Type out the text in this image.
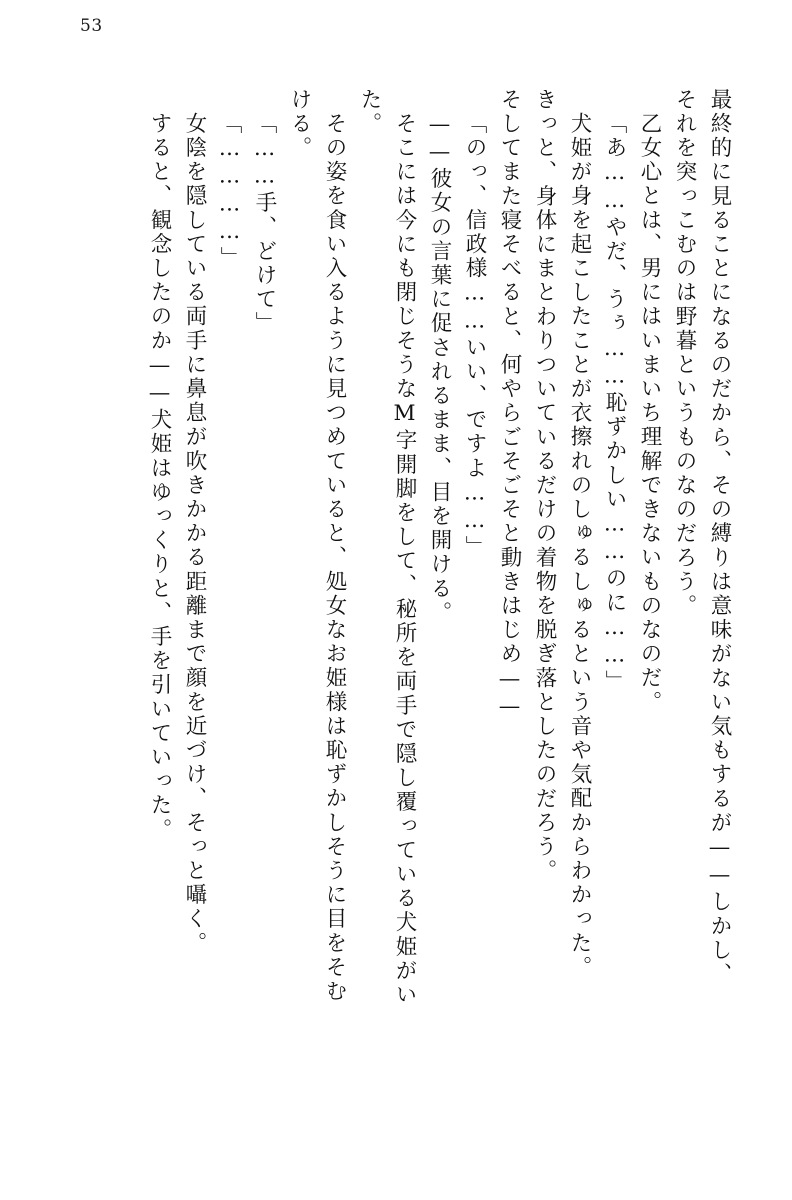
53
最終的に見ることになるのだから、その縛りは意味がない気もするが——しかし、
それを突っこむのは野暮というものなのだろう。
乙女心とは、男にはいまいち理解できないものなのだ。
「あ……やだ、うぅ……恥ずかしい……のに……」
犬姫が身を起こしたことが衣擦れのしゅるしゅるという音や気配からわかった。
きっと、身体にまとわりついているだけの着物を脱ぎ落としたのだろう。
そしてまた寝そべると、何やらごそごそと動きはじめ——
「のっ、信政様……いい、ですよ……」
——彼女の言葉に促されるまま、目を開ける。
そこには今にも閉じそうなM字開脚をして、秘所を両手で隠し覆っている犬姫がい
た。
その姿を食い入るように見つめていると、処女なお姫様は恥ずかしそうに目をそむ
ける。
「……手、どけて」
「…………」
女陰を隠している両手に鼻息が吹きかかる距離まで顔を近づけ、そっと囁く。
すると、観念したのか——犬姫はゆっくりと、手を引いていった。
